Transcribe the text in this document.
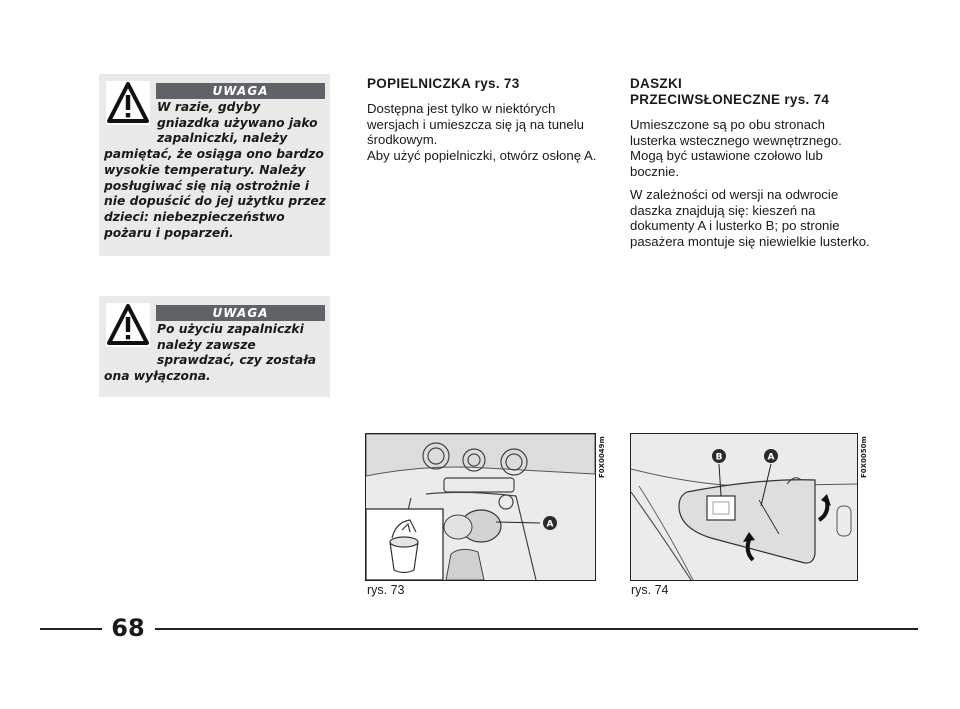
UWAGA

W razie, gdyby gniazdka używano jako zapalniczki, należy pamiętać, że osiąga ono bardzo wysokie temperatury. Należy posługiwać się nią ostrożnie i nie dopuścić do jej użytku przez dzieci: niebezpieczeństwo pożaru i poparzeń.

UWAGA

Po użyciu zapalniczki należy zawsze sprawdzać, czy została ona wyłączona.

POPIELNICZKA rys. 73

Dostępna jest tylko w niektórych wersjach i umieszcza się ją na tunelu środkowym.

Aby użyć popielniczki, otwórz osłonę A.

DASZKI
PRZECIWSŁONECZNE rys. 74

Umieszczone są po obu stronach lusterka wstecznego wewnętrznego. Mogą być ustawione czołowo lub bocznie.

W zależności od wersji na odwrocie daszka znajdują się: kieszeń na dokumenty A i lusterko B; po stronie pasażera montuje się niewielkie lusterko.

A
F0X0049m
rys. 73
B	A	F0X0050m
rys. 74
68
